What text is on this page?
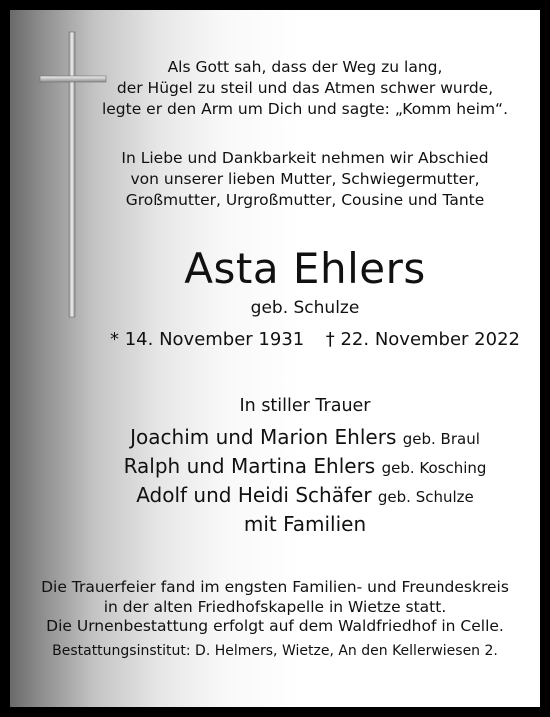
Als Gott sah, dass der Weg zu lang,
der Hügel zu steil und das Atmen schwer wurde,
legte er den Arm um Dich und sagte: „Komm heim“.
In Liebe und Dankbarkeit nehmen wir Abschied
von unserer lieben Mutter, Schwiegermutter,
Großmutter, Urgroßmutter, Cousine und Tante
Asta Ehlers
geb. Schulze
* 14. November 1931 † 22. November 2022
In stiller Trauer
Joachim und Marion Ehlers geb. Braul
Ralph und Martina Ehlers geb. Kosching
Adolf und Heidi Schäfer geb. Schulze
mit Familien
Die Trauerfeier fand im engsten Familien- und Freundeskreis
in der alten Friedhofskapelle in Wietze statt.
Die Urnenbestattung erfolgt auf dem Waldfriedhof in Celle.
Bestattungsinstitut: D. Helmers, Wietze, An den Kellerwiesen 2.
